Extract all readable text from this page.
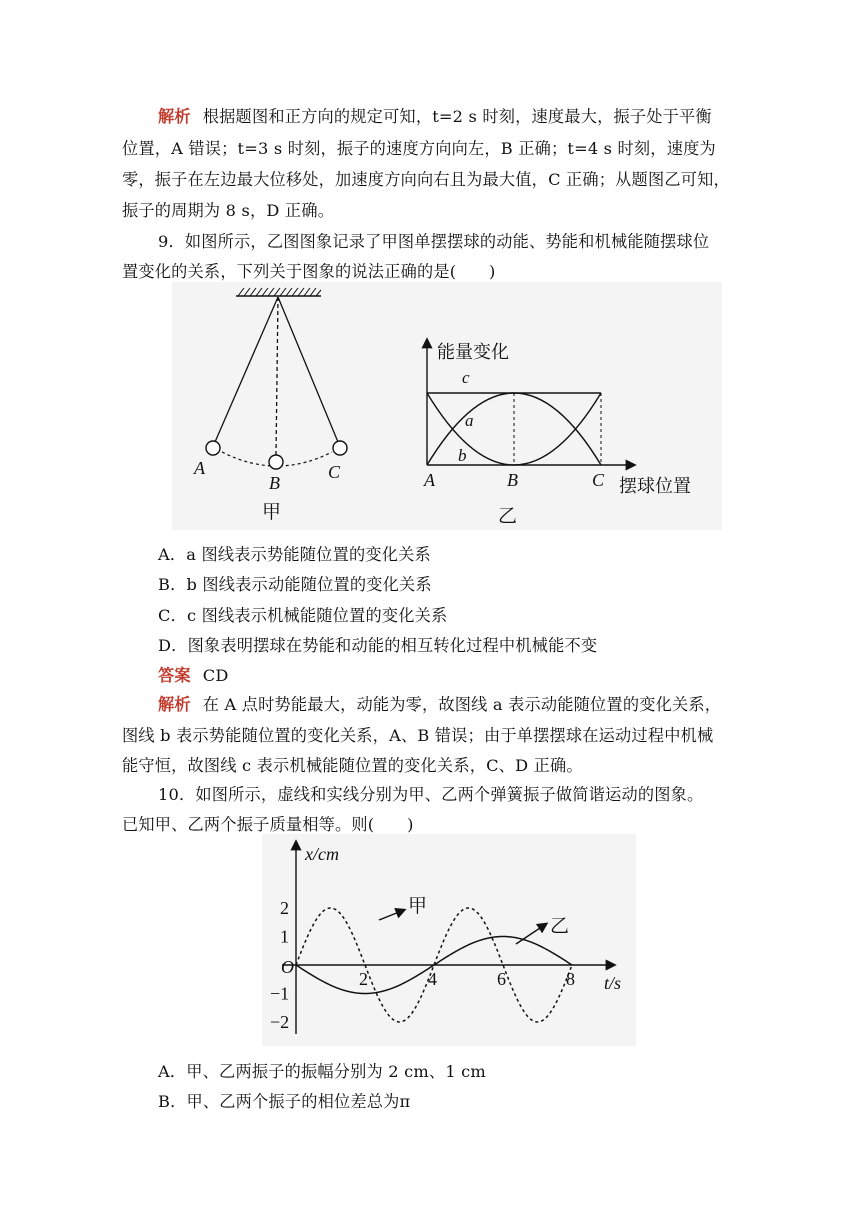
解析 根据题图和正方向的规定可知，t=2 s 时刻，速度最大，振子处于平衡
位置，A 错误；t=3 s 时刻，振子的速度方向向左，B 正确；t=4 s 时刻，速度为
零，振子在左边最大位移处，加速度方向向右且为最大值，C 正确；从题图乙可知，
振子的周期为 8 s，D 正确。
9．如图所示，乙图图象记录了甲图单摆摆球的动能、势能和机械能随摆球位
置变化的关系，下列关于图象的说法正确的是(　　)
A
B
C
甲
能量变化
摆球位置
c
a
b
A	B	C
乙
A．a 图线表示势能随位置的变化关系
B．b 图线表示动能随位置的变化关系
C．c 图线表示机械能随位置的变化关系
D．图象表明摆球在势能和动能的相互转化过程中机械能不变
答案 CD
解析 在 A 点时势能最大，动能为零，故图线 a 表示动能随位置的变化关系，
图线 b 表示势能随位置的变化关系，A、B 错误；由于单摆摆球在运动过程中机械
能守恒，故图线 c 表示机械能随位置的变化关系，C、D 正确。
10．如图所示，虚线和实线分别为甲、乙两个弹簧振子做简谐运动的图象。
已知甲、乙两个振子质量相等。则(　　)
x/cm
t/s
O
2	4	6	8
2
1
−1
−2
甲
乙
A．甲、乙两振子的振幅分别为 2 cm、1 cm
B．甲、乙两个振子的相位差总为π
